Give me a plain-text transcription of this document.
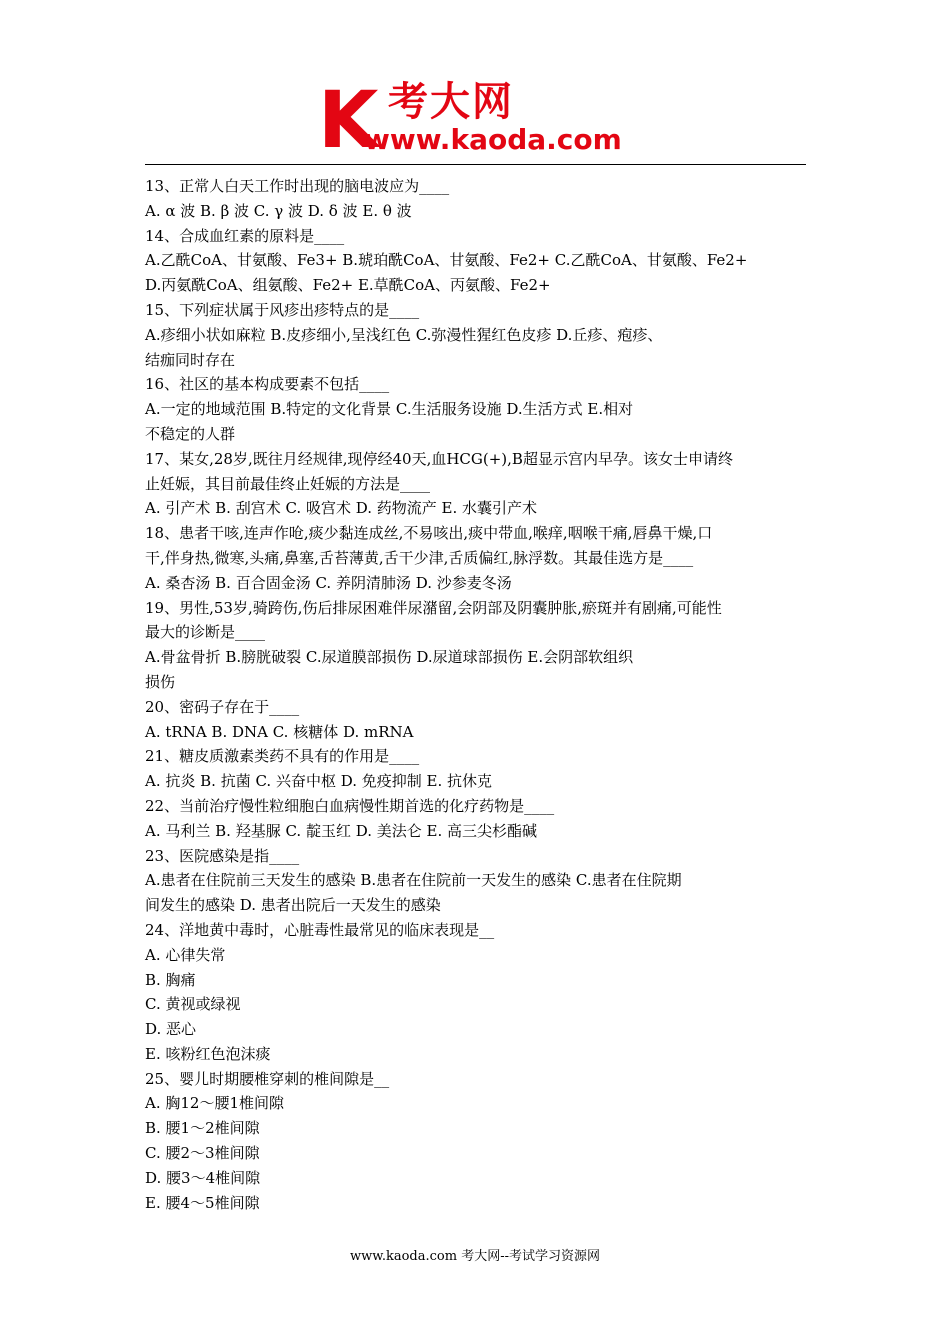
K 考大网
www.kaoda.com
13、正常人白天工作时出现的脑电波应为____
A. α 波 B. β 波 C. γ 波 D. δ 波 E. θ 波
14、合成血红素的原料是____
A.乙酰CoA、甘氨酸、Fe3+ B.琥珀酰CoA、甘氨酸、Fe2+ C.乙酰CoA、甘氨酸、Fe2+
D.丙氨酰CoA、组氨酸、Fe2+ E.草酰CoA、丙氨酸、Fe2+
15、下列症状属于风疹出疹特点的是____
A.疹细小状如麻粒 B.皮疹细小,呈浅红色 C.弥漫性猩红色皮疹 D.丘疹、疱疹、
结痂同时存在
16、社区的基本构成要素不包括____
A.一定的地域范围 B.特定的文化背景 C.生活服务设施 D.生活方式 E.相对
不稳定的人群
17、某女,28岁,既往月经规律,现停经40天,血HCG(+),B超显示宫内早孕。该女士申请终
止妊娠，其目前最佳终止妊娠的方法是____
A. 引产术 B. 刮宫术 C. 吸宫术 D. 药物流产 E. 水囊引产术
18、患者干咳,连声作呛,痰少黏连成丝,不易咳出,痰中带血,喉痒,咽喉干痛,唇鼻干燥,口
干,伴身热,微寒,头痛,鼻塞,舌苔薄黄,舌干少津,舌质偏红,脉浮数。其最佳选方是____
A. 桑杏汤 B. 百合固金汤 C. 养阴清肺汤 D. 沙参麦冬汤
19、男性,53岁,骑跨伤,伤后排尿困难伴尿潴留,会阴部及阴囊肿胀,瘀斑并有剧痛,可能性
最大的诊断是____
A.骨盆骨折 B.膀胱破裂 C.尿道膜部损伤 D.尿道球部损伤 E.会阴部软组织
损伤
20、密码子存在于____
A. tRNA B. DNA C. 核糖体 D. mRNA
21、糖皮质激素类药不具有的作用是____
A. 抗炎 B. 抗菌 C. 兴奋中枢 D. 免疫抑制 E. 抗休克
22、当前治疗慢性粒细胞白血病慢性期首选的化疗药物是____
A. 马利兰 B. 羟基脲 C. 靛玉红 D. 美法仑 E. 高三尖杉酯碱
23、医院感染是指____
A.患者在住院前三天发生的感染 B.患者在住院前一天发生的感染 C.患者在住院期
间发生的感染 D. 患者出院后一天发生的感染
24、洋地黄中毒时，心脏毒性最常见的临床表现是__
A. 心律失常
B. 胸痛
C. 黄视或绿视
D. 恶心
E. 咳粉红色泡沫痰
25、婴儿时期腰椎穿刺的椎间隙是__
A. 胸12～腰1椎间隙
B. 腰1～2椎间隙
C. 腰2～3椎间隙
D. 腰3～4椎间隙
E. 腰4～5椎间隙
www.kaoda.com 考大网--考试学习资源网
